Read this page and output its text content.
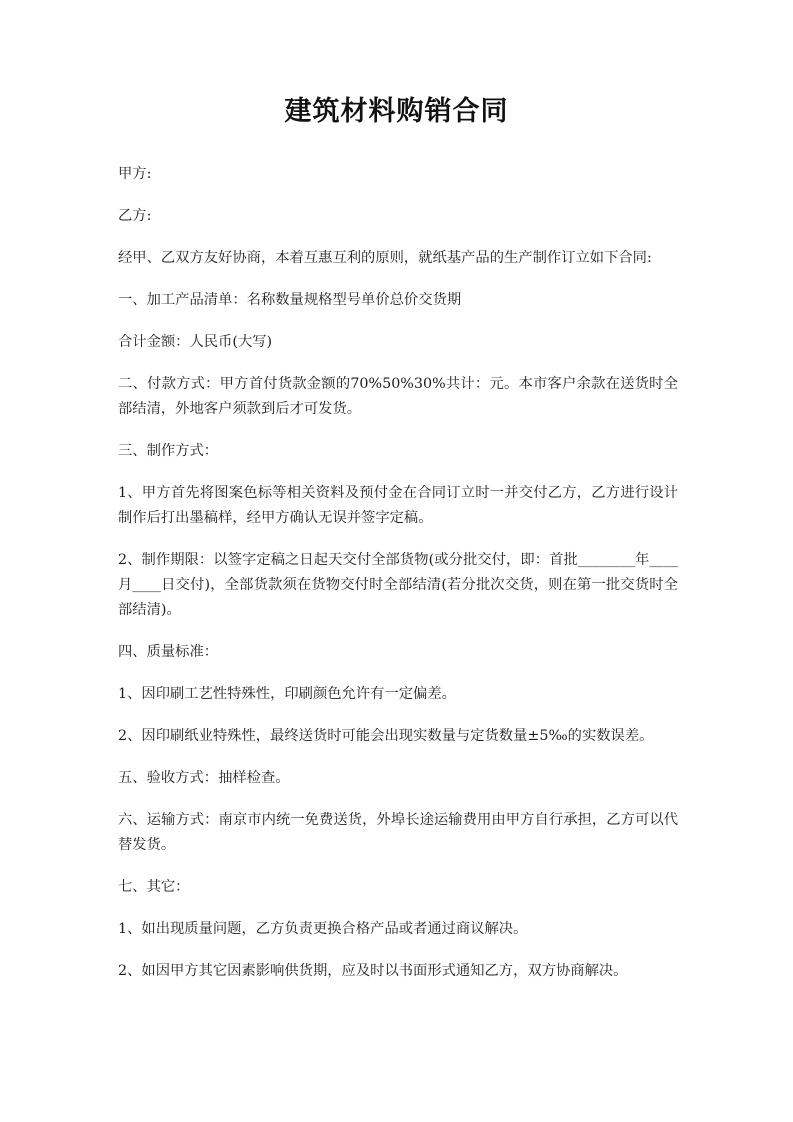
建筑材料购销合同

甲方:

乙方:

经甲、乙双方友好协商，本着互惠互利的原则，就纸基产品的生产制作订立如下合同:

一、加工产品清单：名称数量规格型号单价总价交货期

合计金额：人民币(大写)

二、付款方式：甲方首付货款金额的70%50%30%共计：元。本市客户余款在送货时全部结清，外地客户须款到后才可发货。

三、制作方式：

1、甲方首先将图案色标等相关资料及预付金在合同订立时一并交付乙方，乙方进行设计制作后打出墨稿样，经甲方确认无误并签字定稿。

2、制作期限：以签字定稿之日起天交付全部货物(或分批交付，即：首批________年____月____日交付)，全部货款须在货物交付时全部结清(若分批次交货，则在第一批交货时全部结清)。

四、质量标准：

1、因印刷工艺性特殊性，印刷颜色允许有一定偏差。

2、因印刷纸业特殊性，最终送货时可能会出现实数量与定货数量±5‰的实数误差。

五、验收方式：抽样检查。

六、运输方式：南京市内统一免费送货，外埠长途运输费用由甲方自行承担，乙方可以代替发货。

七、其它：

1、如出现质量问题，乙方负责更换合格产品或者通过商议解决。

2、如因甲方其它因素影响供货期，应及时以书面形式通知乙方，双方协商解决。
